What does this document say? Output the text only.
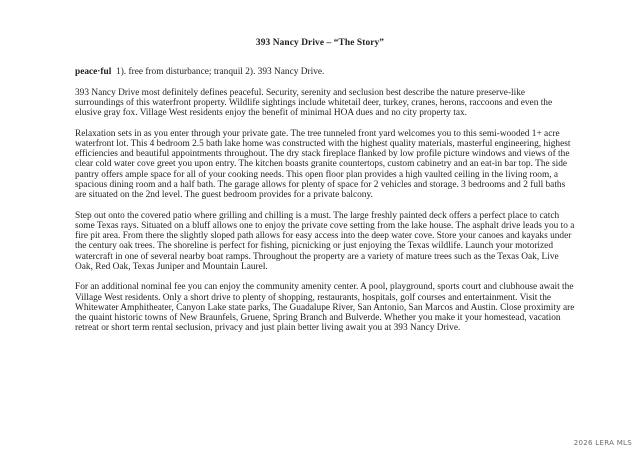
393 Nancy Drive – “The Story”

peace·ful 1). free from disturbance; tranquil 2). 393 Nancy Drive.

393 Nancy Drive most definitely defines peaceful. Security, serenity and seclusion best describe the nature preserve-like surroundings of this waterfront property. Wildlife sightings include whitetail deer, turkey, cranes, herons, raccoons and even the elusive gray fox. Village West residents enjoy the benefit of minimal HOA dues and no city property tax.

Relaxation sets in as you enter through your private gate. The tree tunneled front yard welcomes you to this semi-wooded 1+ acre waterfront lot. This 4 bedroom 2.5 bath lake home was constructed with the highest quality materials, masterful engineering, highest efficiencies and beautiful appointments throughout. The dry stack fireplace flanked by low profile picture windows and views of the clear cold water cove greet you upon entry. The kitchen boasts granite countertops, custom cabinetry and an eat-in bar top. The side pantry offers ample space for all of your cooking needs. This open floor plan provides a high vaulted ceiling in the living room, a spacious dining room and a half bath. The garage allows for plenty of space for 2 vehicles and storage. 3 bedrooms and 2 full baths are situated on the 2nd level. The guest bedroom provides for a private balcony.

Step out onto the covered patio where grilling and chilling is a must. The large freshly painted deck offers a perfect place to catch some Texas rays. Situated on a bluff allows one to enjoy the private cove setting from the lake house. The asphalt drive leads you to a fire pit area. From there the slightly sloped path allows for easy access into the deep water cove. Store your canoes and kayaks under the century oak trees. The shoreline is perfect for fishing, picnicking or just enjoying the Texas wildlife. Launch your motorized watercraft in one of several nearby boat ramps. Throughout the property are a variety of mature trees such as the Texas Oak, Live Oak, Red Oak, Texas Juniper and Mountain Laurel.

For an additional nominal fee you can enjoy the community amenity center. A pool, playground, sports court and clubhouse await the Village West residents. Only a short drive to plenty of shopping, restaurants, hospitals, golf courses and entertainment. Visit the Whitewater Amphitheater, Canyon Lake state parks, The Guadalupe River, San Antonio, San Marcos and Austin. Close proximity are the quaint historic towns of New Braunfels, Gruene, Spring Branch and Bulverde. Whether you make it your homestead, vacation retreat or short term rental seclusion, privacy and just plain better living await you at 393 Nancy Drive.

2026 LERA MLS
